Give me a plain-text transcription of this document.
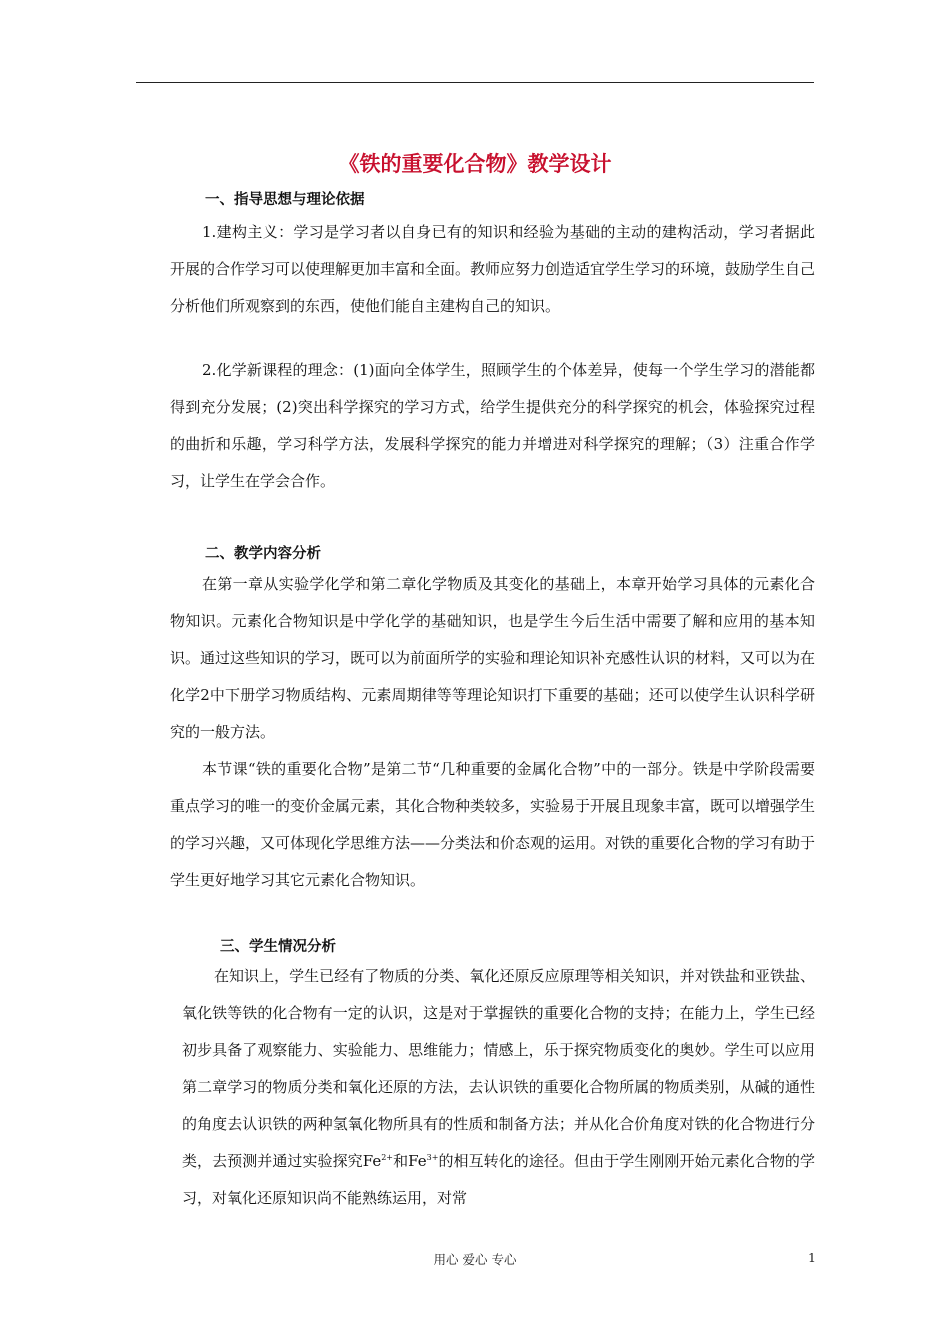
《铁的重要化合物》教学设计
一、指导思想与理论依据

1.建构主义：学习是学习者以自身已有的知识和经验为基础的主动的建构活动，学习者据此开展的合作学习可以使理解更加丰富和全面。教师应努力创造适宜学生学习的环境，鼓励学生自己分析他们所观察到的东西，使他们能自主建构自己的知识。

2.化学新课程的理念：(1)面向全体学生，照顾学生的个体差异，使每一个学生学习的潜能都得到充分发展；(2)突出科学探究的学习方式，给学生提供充分的科学探究的机会，体验探究过程的曲折和乐趣，学习科学方法，发展科学探究的能力并增进对科学探究的理解；（3）注重合作学习，让学生在学会合作。

二、教学内容分析

在第一章从实验学化学和第二章化学物质及其变化的基础上，本章开始学习具体的元素化合物知识。元素化合物知识是中学化学的基础知识，也是学生今后生活中需要了解和应用的基本知识。通过这些知识的学习，既可以为前面所学的实验和理论知识补充感性认识的材料，又可以为在化学2中下册学习物质结构、元素周期律等等理论知识打下重要的基础；还可以使学生认识科学研究的一般方法。

本节课“铁的重要化合物”是第二节“几种重要的金属化合物”中的一部分。铁是中学阶段需要重点学习的唯一的变价金属元素，其化合物种类较多，实验易于开展且现象丰富，既可以增强学生的学习兴趣，又可体现化学思维方法——分类法和价态观的运用。对铁的重要化合物的学习有助于学生更好地学习其它元素化合物知识。

三、学生情况分析

在知识上，学生已经有了物质的分类、氧化还原反应原理等相关知识，并对铁盐和亚铁盐、氧化铁等铁的化合物有一定的认识，这是对于掌握铁的重要化合物的支持；在能力上，学生已经初步具备了观察能力、实验能力、思维能力；情感上，乐于探究物质变化的奥妙。学生可以应用第二章学习的物质分类和氧化还原的方法，去认识铁的重要化合物所属的物质类别，从碱的通性的角度去认识铁的两种氢氧化物所具有的性质和制备方法；并从化合价角度对铁的化合物进行分类，去预测并通过实验探究$Fe^{2+}$和$Fe^{3+}$的相互转化的途径。但由于学生刚刚开始元素化合物的学习，对氧化还原知识尚不能熟练运用，对常

用心 爱心 专心	1
